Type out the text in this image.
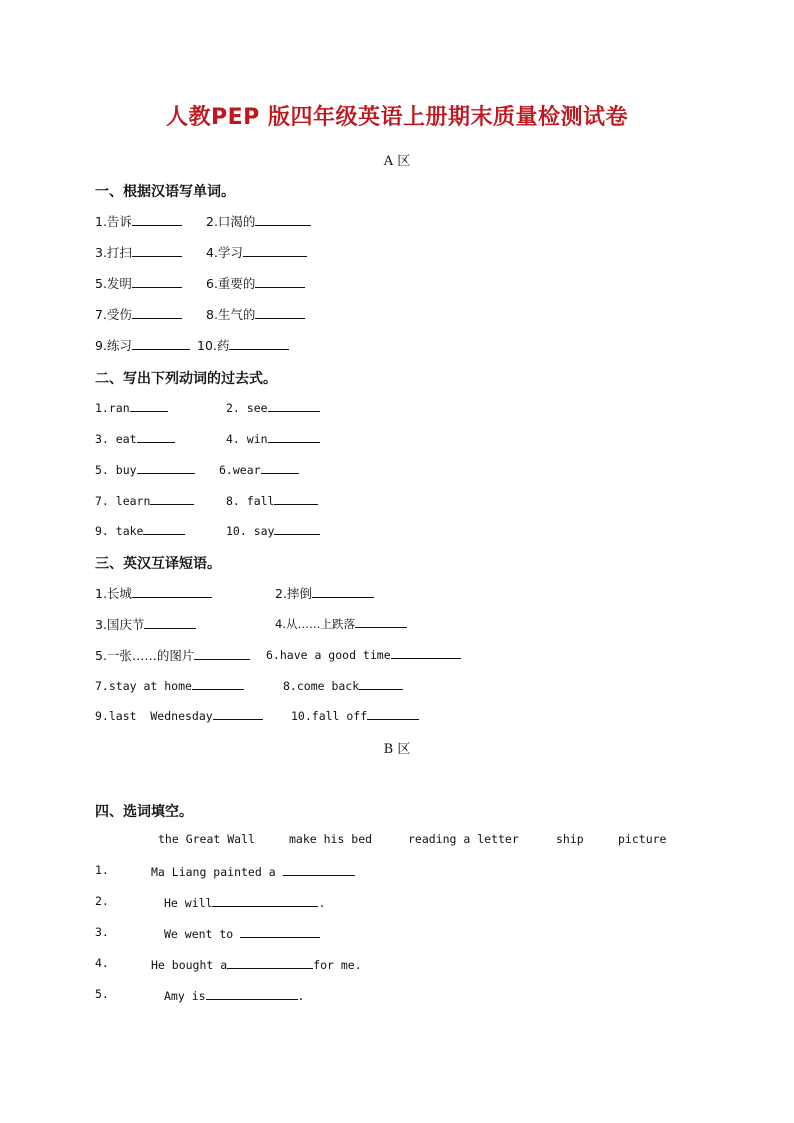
人教PEP 版四年级英语上册期末质量检测试卷
A 区
一、根据汉语写单词。
1.告诉	2.口渴的
3.打扫	4.学习
5.发明	6.重要的
7.受伤	8.生气的
9.练习	10.药
二、写出下列动词的过去式。
1.ran	2. see
3. eat	4. win
5. buy	6.wear
7. learn	8. fall
9. take	10. say
三、英汉互译短语。
1.长城	2.摔倒
3.国庆节	4.从……上跌落
5.一张……的图片	6.have a good time
7.stay at home	8.come back
9.last  Wednesday	10.fall off
B 区
四、选词填空。
the Great Wall	make his bed	reading a letter	ship	picture
1.	Ma Liang painted a
2.	He will	.
3.	We went to
4.	He bought a	for me.
5.	Amy is	.
